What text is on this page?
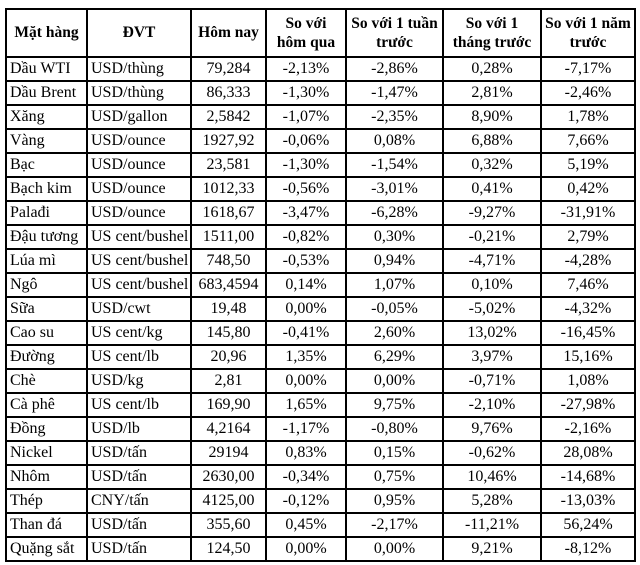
Mặt hàng	ĐVT	Hôm nay	So với hôm qua	So với 1 tuần trước	So với 1 tháng trước	So với 1 năm trước
Dầu WTI	USD/thùng	79,284	-2,13%	-2,86%	0,28%	-7,17%
Dầu Brent	USD/thùng	86,333	-1,30%	-1,47%	2,81%	-2,46%
Xăng	USD/gallon	2,5842	-1,07%	-2,35%	8,90%	1,78%
Vàng	USD/ounce	1927,92	-0,06%	0,08%	6,88%	7,66%
Bạc	USD/ounce	23,581	-1,30%	-1,54%	0,32%	5,19%
Bạch kim	USD/ounce	1012,33	-0,56%	-3,01%	0,41%	0,42%
Palađi	USD/ounce	1618,67	-3,47%	-6,28%	-9,27%	-31,91%
Đậu tương	US cent/bushel	1511,00	-0,82%	0,30%	-0,21%	2,79%
Lúa mì	US cent/bushel	748,50	-0,53%	0,94%	-4,71%	-4,28%
Ngô	US cent/bushel	683,4594	0,14%	1,07%	0,10%	7,46%
Sữa	USD/cwt	19,48	0,00%	-0,05%	-5,02%	-4,32%
Cao su	US cent/kg	145,80	-0,41%	2,60%	13,02%	-16,45%
Đường	US cent/lb	20,96	1,35%	6,29%	3,97%	15,16%
Chè	USD/kg	2,81	0,00%	0,00%	-0,71%	1,08%
Cà phê	US cent/lb	169,90	1,65%	9,75%	-2,10%	-27,98%
Đồng	USD/lb	4,2164	-1,17%	-0,80%	9,76%	-2,16%
Nickel	USD/tấn	29194	0,83%	0,15%	-0,62%	28,08%
Nhôm	USD/tấn	2630,00	-0,34%	0,75%	10,46%	-14,68%
Thép	CNY/tấn	4125,00	-0,12%	0,95%	5,28%	-13,03%
Than đá	USD/tấn	355,60	0,45%	-2,17%	-11,21%	56,24%
Quặng sắt	USD/tấn	124,50	0,00%	0,00%	9,21%	-8,12%
